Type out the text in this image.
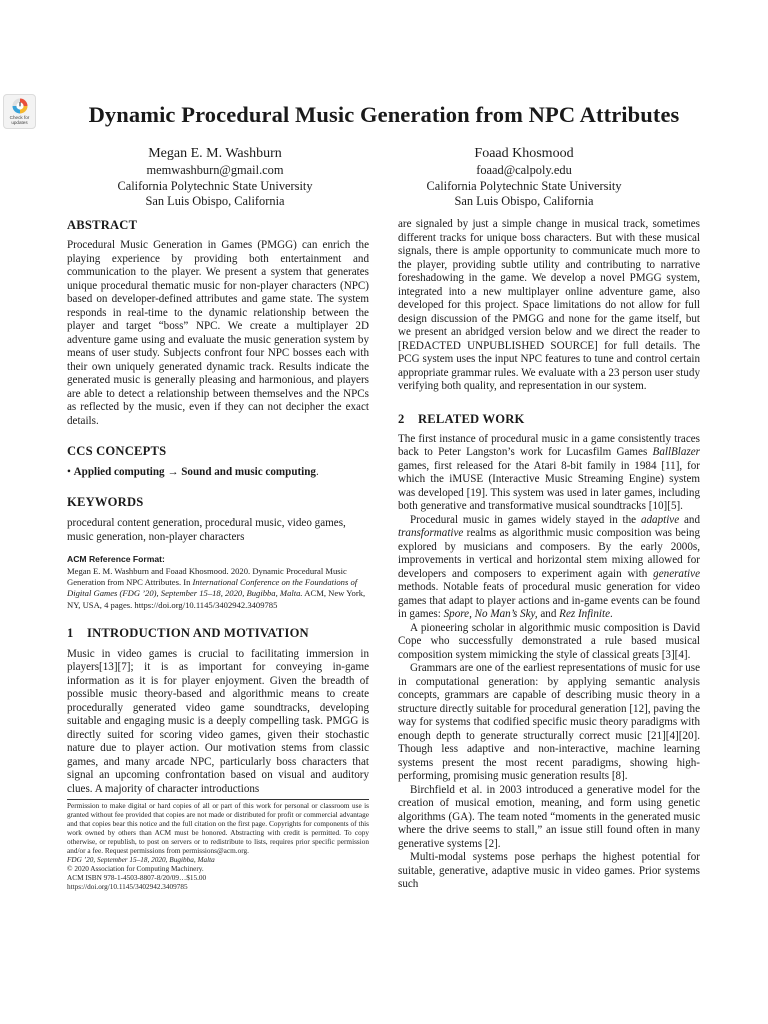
Check for
updates	Dynamic Procedural Music Generation from NPC Attributes
Megan E. M. Washburn
memwashburn@gmail.com
California Polytechnic State University
San Luis Obispo, California
Foaad Khosmood
foaad@calpoly.edu
California Polytechnic State University
San Luis Obispo, California
ABSTRACT

Procedural Music Generation in Games (PMGG) can enrich the playing experience by providing both entertainment and communication to the player. We present a system that generates unique procedural thematic music for non-player characters (NPC) based on developer-defined attributes and game state. The system responds in real-time to the dynamic relationship between the player and target “boss” NPC. We create a multiplayer 2D adventure game using and evaluate the music generation system by means of user study. Subjects confront four NPC bosses each with their own uniquely generated dynamic track. Results indicate the generated music is generally pleasing and harmonious, and players are able to detect a relationship between themselves and the NPCs as reflected by the music, even if they can not decipher the exact details.

CCS CONCEPTS
• Applied computing → Sound and music computing.
KEYWORDS

procedural content generation, procedural music, video games, music generation, non-player characters

ACM Reference Format:
Megan E. M. Washburn and Foaad Khosmood. 2020. Dynamic Procedural Music Generation from NPC Attributes. In International Conference on the Foundations of Digital Games (FDG ’20), September 15–18, 2020, Bugibba, Malta. ACM, New York, NY, USA, 4 pages. https://doi.org/10.1145/3402942.3409785
1 INTRODUCTION AND MOTIVATION

Music in video games is crucial to facilitating immersion in players[13][7]; it is as important for conveying in-game information as it is for player enjoyment. Given the breadth of possible music theory-based and algorithmic means to create procedurally generated video game soundtracks, developing suitable and engaging music is a deeply compelling task. PMGG is directly suited for scoring video games, given their stochastic nature due to player action. Our motivation stems from classic games, and many arcade NPC, particularly boss characters that signal an upcoming confrontation based on visual and auditory clues. A majority of character introductions

are signaled by just a simple change in musical track, sometimes different tracks for unique boss characters. But with these musical signals, there is ample opportunity to communicate much more to the player, providing subtle utility and contributing to narrative foreshadowing in the game. We develop a novel PMGG system, integrated into a new multiplayer online adventure game, also developed for this project. Space limitations do not allow for full design discussion of the PMGG and none for the game itself, but we present an abridged version below and we direct the reader to [REDACTED UNPUBLISHED SOURCE] for full details. The PCG system uses the input NPC features to tune and control certain appropriate grammar rules. We evaluate with a 23 person user study verifying both quality, and representation in our system.

2 RELATED WORK

The first instance of procedural music in a game consistently traces back to Peter Langston’s work for Lucasfilm Games BallBlazer games, first released for the Atari 8-bit family in 1984 [11], for which the iMUSE (Interactive Music Streaming Engine) system was developed [19]. This system was used in later games, including both generative and transformative musical soundtracks [10][5].

Procedural music in games widely stayed in the adaptive and transformative realms as algorithmic music composition was being explored by musicians and composers. By the early 2000s, improvements in vertical and horizontal stem mixing allowed for developers and composers to experiment again with generative methods. Notable feats of procedural music generation for video games that adapt to player actions and in-game events can be found in games: Spore, No Man’s Sky, and Rez Infinite.

A pioneering scholar in algorithmic music composition is David Cope who successfully demonstrated a rule based musical composition system mimicking the style of classical greats [3][4].

Grammars are one of the earliest representations of music for use in computational generation: by applying semantic analysis concepts, grammars are capable of describing music theory in a structure directly suitable for procedural generation [12], paving the way for systems that codified specific music theory paradigms with enough depth to generate structurally correct music [21][4][20]. Though less adaptive and non-interactive, machine learning systems present the most recent paradigms, showing high-performing, promising music generation results [8].

Birchfield et al. in 2003 introduced a generative model for the creation of musical emotion, meaning, and form using genetic algorithms (GA). The team noted “moments in the generated music where the drive seems to stall,” an issue still found often in many generative systems [2].

Multi-modal systems pose perhaps the highest potential for suitable, generative, adaptive music in video games. Prior systems such

Permission to make digital or hard copies of all or part of this work for personal or classroom use is granted without fee provided that copies are not made or distributed for profit or commercial advantage and that copies bear this notice and the full citation on the first page. Copyrights for components of this work owned by others than ACM must be honored. Abstracting with credit is permitted. To copy otherwise, or republish, to post on servers or to redistribute to lists, requires prior specific permission and/or a fee. Request permissions from permissions@acm.org.
FDG ’20, September 15–18, 2020, Bugibba, Malta
© 2020 Association for Computing Machinery.
ACM ISBN 978-1-4503-8807-8/20/09…$15.00
https://doi.org/10.1145/3402942.3409785
